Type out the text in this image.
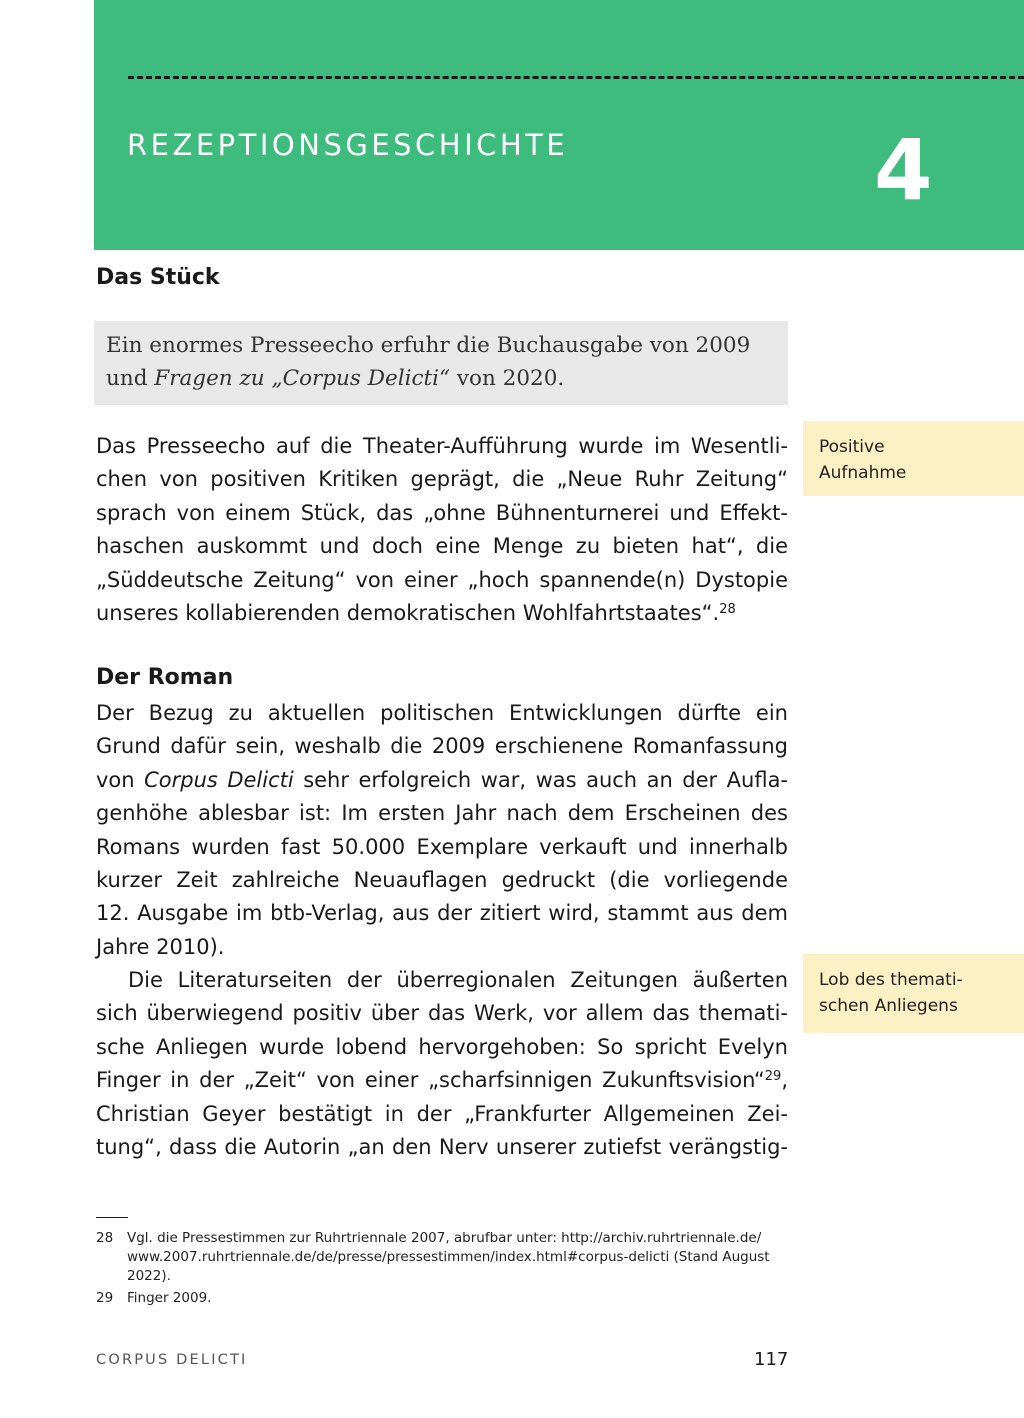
REZEPTIONSGESCHICHTE	4
Das Stück
Ein enormes Presseecho erfuhr die Buchausgabe von 2009
und Fragen zu „Corpus Delicti“ von 2020.
Das Presseecho auf die Theater-Aufführung wurde im Wesentli-
chen von positiven Kritiken geprägt, die „Neue Ruhr Zeitung“
sprach von einem Stück, das „ohne Bühnenturnerei und Effekt-
haschen auskommt und doch eine Menge zu bieten hat“, die
„Süddeutsche Zeitung“ von einer „hoch spannende(n) Dystopie
unseres kollabierenden demokratischen Wohlfahrtstaates“.$^{28}$
Positive
Aufnahme
Der Roman
Der Bezug zu aktuellen politischen Entwicklungen dürfte ein
Grund dafür sein, weshalb die 2009 erschienene Romanfassung
von Corpus Delicti sehr erfolgreich war, was auch an der Aufla-
genhöhe ablesbar ist: Im ersten Jahr nach dem Erscheinen des
Romans wurden fast 50.000 Exemplare verkauft und innerhalb
kurzer Zeit zahlreiche Neuauflagen gedruckt (die vorliegende
12. Ausgabe im btb-Verlag, aus der zitiert wird, stammt aus dem
Jahre 2010).
Die Literaturseiten der überregionalen Zeitungen äußerten
sich überwiegend positiv über das Werk, vor allem das themati-
sche Anliegen wurde lobend hervorgehoben: So spricht Evelyn
Finger in der „Zeit“ von einer „scharfsinnigen Zukunftsvision“$^{29}$,
Christian Geyer bestätigt in der „Frankfurter Allgemeinen Zei-
tung“, dass die Autorin „an den Nerv unserer zutiefst verängstig-
Lob des themati-
schen Anliegens
28	Vgl. die Pressestimmen zur Ruhrtriennale 2007, abrufbar unter: http://archiv.ruhrtriennale.de/
www.2007.ruhrtriennale.de/de/presse/pressestimmen/index.html#corpus-delicti (Stand August
2022).
29	Finger 2009.
CORPUS DELICTI	117
